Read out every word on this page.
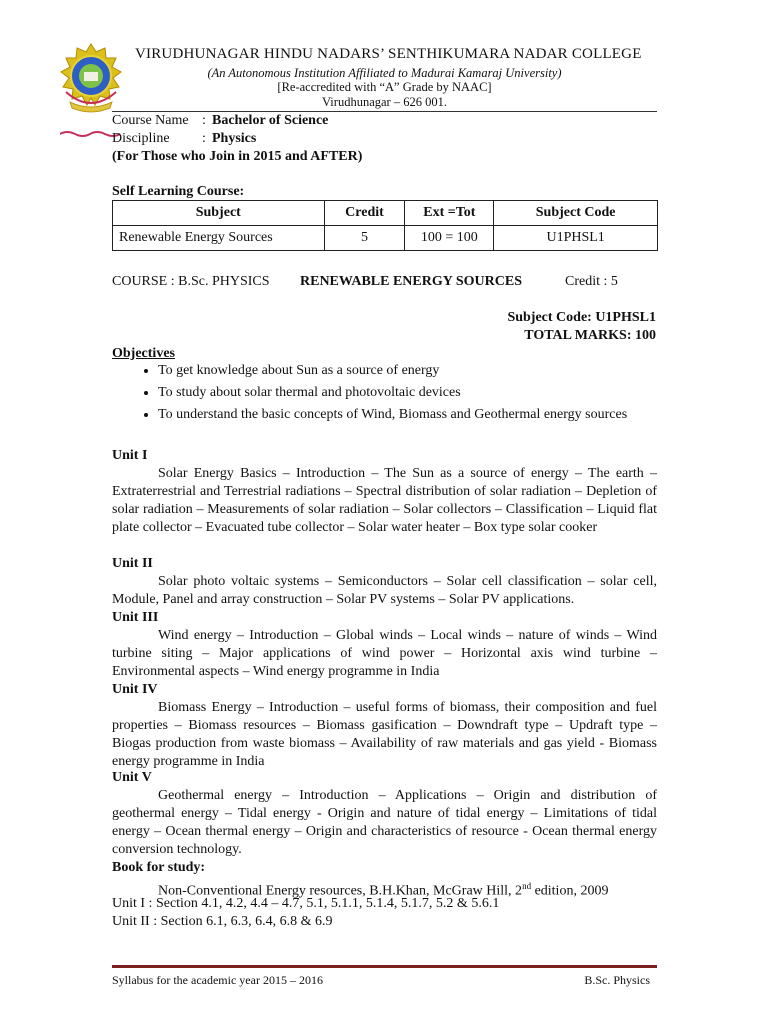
VIRUDHUNAGAR HINDU NADARS’ SENTHIKUMARA NADAR COLLEGE
(An Autonomous Institution Affiliated to Madurai Kamaraj University)
[Re-accredited with “A” Grade by NAAC]
Virudhunagar – 626 001.
Course Name : Bachelor of Science
Discipline : Physics
(For Those who Join in 2015 and AFTER)
Self Learning Course:
Subject	Credit	Ext =Tot	Subject Code
Renewable Energy Sources	5	100 = 100	U1PHSL1
COURSE : B.Sc. PHYSICS RENEWABLE ENERGY SOURCES	Credit : 5
Subject Code: U1PHSL1
TOTAL MARKS: 100
Objectives
• To get knowledge about Sun as a source of energy
• To study about solar thermal and photovoltaic devices
• To understand the basic concepts of Wind, Biomass and Geothermal energy sources
Unit I
Solar Energy Basics – Introduction – The Sun as a source of energy – The earth – Extraterrestrial and Terrestrial radiations – Spectral distribution of solar radiation – Depletion of solar radiation – Measurements of solar radiation – Solar collectors – Classification – Liquid flat plate collector – Evacuated tube collector – Solar water heater – Box type solar cooker
Unit II
Solar photo voltaic systems – Semiconductors – Solar cell classification – solar cell, Module, Panel and array construction – Solar PV systems – Solar PV applications.
Unit III
Wind energy – Introduction – Global winds – Local winds – nature of winds – Wind turbine siting – Major applications of wind power – Horizontal axis wind turbine – Environmental aspects – Wind energy programme in India
Unit IV
Biomass Energy – Introduction – useful forms of biomass, their composition and fuel properties – Biomass resources – Biomass gasification – Downdraft type – Updraft type – Biogas production from waste biomass – Availability of raw materials and gas yield - Biomass energy programme in India
Unit V
Geothermal energy – Introduction – Applications – Origin and distribution of geothermal energy – Tidal energy - Origin and nature of tidal energy – Limitations of tidal energy – Ocean thermal energy – Origin and characteristics of resource - Ocean thermal energy conversion technology.
Book for study:
Non-Conventional Energy resources, B.H.Khan, McGraw Hill, 2nd edition, 2009
Unit I : Section 4.1, 4.2, 4.4 – 4.7, 5.1, 5.1.1, 5.1.4, 5.1.7, 5.2 & 5.6.1
Unit II : Section 6.1, 6.3, 6.4, 6.8 & 6.9
Syllabus for the academic year 2015 – 2016	B.Sc. Physics
